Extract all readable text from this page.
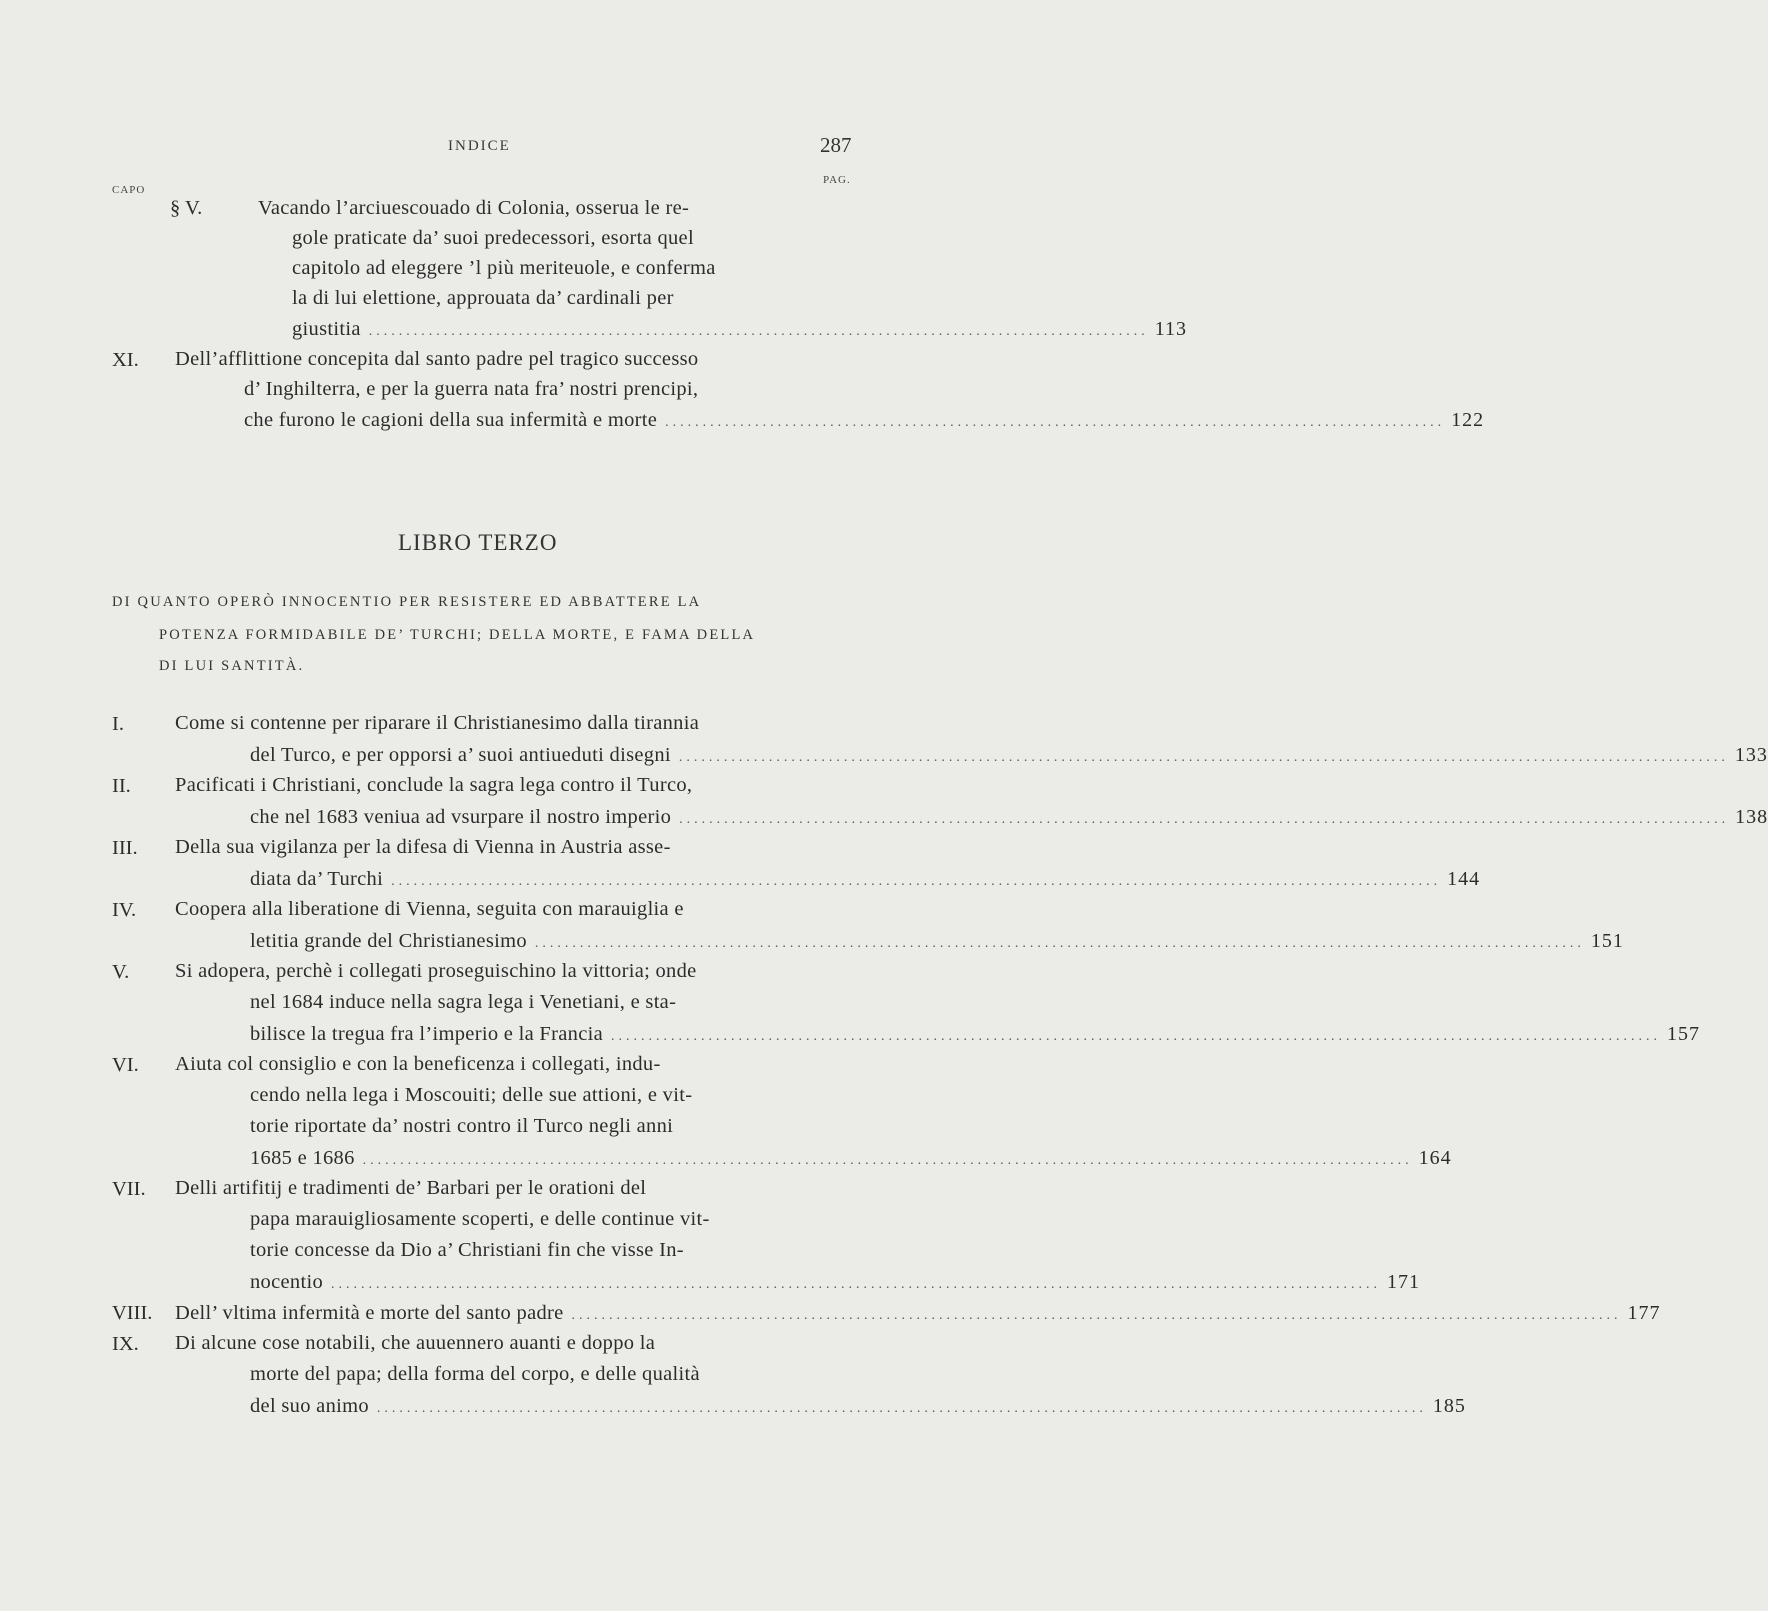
INDICE	287
CAPO
PAG.
§ V.	Vacando l’arciuescouado di Colonia, osserua le re-
gole praticate da’ suoi predecessori, esorta quel
capitolo ad eleggere ’l più meriteuole, e conferma
la di lui elettione, approuata da’ cardinali per
giustitia ........................................................................................................ 113
XI. Dell’afflittione concepita dal santo padre pel tragico successo
d’ Inghilterra, e per la guerra nata fra’ nostri prencipi,
che furono le cagioni della sua infermità e morte ........................................................................................................ 122
LIBRO TERZO
DI QUANTO OPERÒ INNOCENTIO PER RESISTERE ED ABBATTERE LA
POTENZA FORMIDABILE DE’ TURCHI; DELLA MORTE, E FAMA DELLA
DI LUI SANTITÀ.
I. Come si contenne per riparare il Christianesimo dalla tirannia
del Turco, e per opporsi a’ suoi antiueduti disegni ............................................................................................................................................ 133
II. Pacificati i Christiani, conclude la sagra lega contro il Turco,
che nel 1683 veniua ad vsurpare il nostro imperio ............................................................................................................................................ 138
III. Della sua vigilanza per la difesa di Vienna in Austria asse-
diata da’ Turchi ............................................................................................................................................ 144
IV. Coopera alla liberatione di Vienna, seguita con marauiglia e
letitia grande del Christianesimo ............................................................................................................................................ 151
V. Si adopera, perchè i collegati proseguischino la vittoria; onde
nel 1684 induce nella sagra lega i Venetiani, e sta-
bilisce la tregua fra l’imperio e la Francia ............................................................................................................................................ 157
VI. Aiuta col consiglio e con la beneficenza i collegati, indu-
cendo nella lega i Moscouiti; delle sue attioni, e vit-
torie riportate da’ nostri contro il Turco negli anni
1685 e 1686 ............................................................................................................................................ 164
VII. Delli artifitij e tradimenti de’ Barbari per le orationi del
papa marauigliosamente scoperti, e delle continue vit-
torie concesse da Dio a’ Christiani fin che visse In-
nocentio ............................................................................................................................................ 171
VIII. Dell’ vltima infermità e morte del santo padre ............................................................................................................................................ 177
IX. Di alcune cose notabili, che auuennero auanti e doppo la
morte del papa; della forma del corpo, e delle qualità
del suo animo ............................................................................................................................................ 185
